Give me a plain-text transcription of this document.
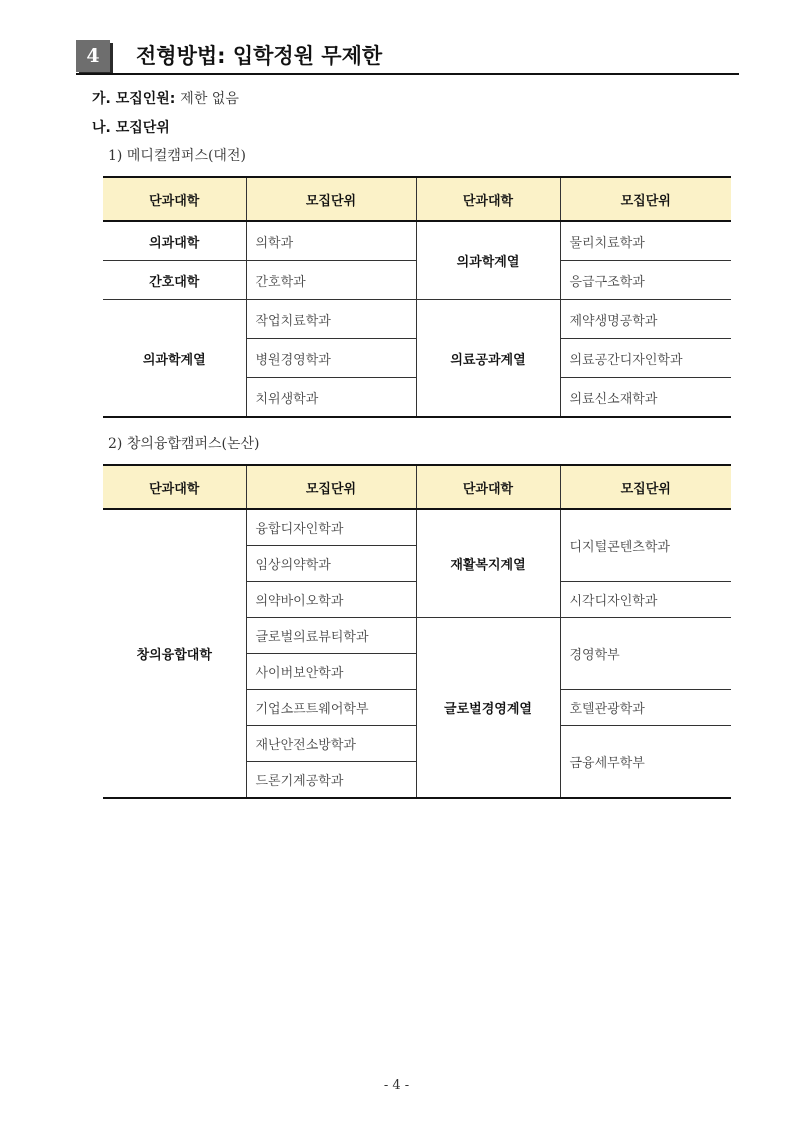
4	전형방법: 입학정원 무제한
가. 모집인원: 제한 없음
나. 모집단위
1) 메디컬캠퍼스(대전)
단과대학	모집단위	단과대학	모집단위
의과대학	의학과	의과학계열	물리치료학과
간호대학	간호학과		응급구조학과
의과학계열	작업치료학과	의료공과계열	제약생명공학과
	병원경영학과		의료공간디자인학과
	치위생학과		의료신소재학과
2) 창의융합캠퍼스(논산)
단과대학	모집단위	단과대학	모집단위
창의융합대학	융합디자인학과	재활복지계열	디지털콘텐츠학과
	임상의약학과		
	의약바이오학과		시각디자인학과
	글로벌의료뷰티학과	글로벌경영계열	경영학부
	사이버보안학과		
	기업소프트웨어학부		호텔관광학과
	재난안전소방학과		금융세무학부
	드론기계공학과		
- 4 -
